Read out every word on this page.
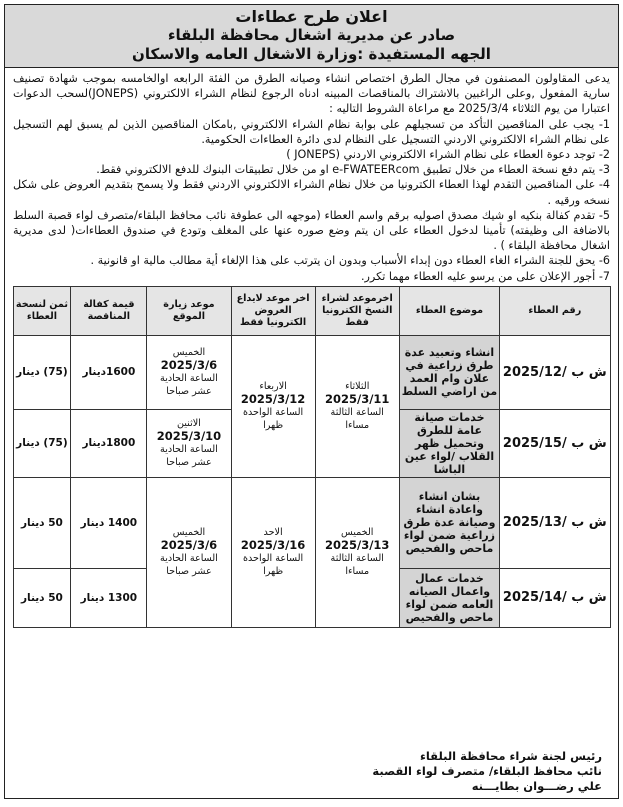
اعلان طرح عطاءات
صادر عن مديرية اشغال محافظة البلقاء
الجهه المستفيدة :وزارة الاشغال العامه والاسكان

يدعى المقاولون المصنفون في مجال الطرق اختصاص انشاء وصيانه الطرق من الفئة الرابعه اوالخامسه بموجب شهادة تصنيف سارية المفعول ,وعلى الراغبين بالاشتراك بالمناقصات المبينه ادناه الرجوع لنظام الشراء الالكتروني (JONEPS)لسحب الدعوات اعتبارا من يوم الثلاثاء 2025/3/4 مع مراعاة الشروط التاليه :

1- يجب على المناقصين التأكد من تسجيلهم على بوابة نظام الشراء الالكتروني ,بامكان المناقصين الذين لم يسبق لهم التسجيل على نظام الشراء الالكتروني الاردني التسجيل على النظام لدى دائرة العطاءات الحكومية.

2- توجد دعوة العطاء على نظام الشراء الالكتروني الاردني (JONEPS )

3- يتم دفع نسخة العطاء من خلال تطبيق e-FWATEERcom او من خلال تطبيقات البنوك للدفع الالكتروني فقط.

4- على المناقصين التقدم لهذا العطاء الكترونيا من خلال نظام الشراء الالكتروني الاردني فقط ولا يسمح بتقديم العروض على شكل نسخه ورقيه .

5- تقدم كفالة بنكيه او شيك مصدق اصوليه برقم واسم العطاء (موجهه الى عطوفة نائب محافظ البلقاء/متصرف لواء قصبة السلط بالاضافة الى وظيفته) تأمينا لدخول العطاء على ان يتم وضع صوره عنها على المغلف وتودع في صندوق العطاءات( لدى مديرية اشغال محافظة البلقاء ) .

6- يحق للجنة الشراء الغاء العطاء دون إبداء الأسباب وبدون ان يترتب على هذا الإلغاء أية مطالب مالية او قانونية .

7- أجور الإعلان على من يرسو عليه العطاء مهما تكرر.

رقم العطاء	موضوع العطاء	اخرموعد لشراء النسخ الكترونيا فقط	اخر موعد لايداع العروض الكترونيا فقط	موعد زيارة الموقع	قيمة كفالة المناقصة	ثمن لنسخة العطاء
ش ب /2025/12	انشاء وتعبيد عدة طرق زراعية في علان وام العمد من اراضي السلط	الثلاثاء
2025/3/11
الساعة الثالثة مساءا	الاربعاء
2025/3/12
الساعة الواحدة ظهرا	الخميس
2025/3/6
الساعة الحادية عشر صباحا	1600دينار	(75) دينار
ش ب /2025/15	خدمات صيانة عامة للطرق وتحميل ظهر القلاب /لواء عين الباشا			الاثنين
2025/3/10
الساعة الحادية عشر صباحا	1800دينار	(75) دينار
ش ب /2025/13	بشان انشاء واعادة انشاء وصيانة عدة طرق زراعية ضمن لواء ماحص والفحيص	الخميس
2025/3/13
الساعة الثالثة مساءا	الاحد
2025/3/16
الساعة الواحدة ظهرا	الخميس
2025/3/6
الساعة الحادية عشر صباحا	1400 دينار	50 دينار
ش ب /2025/14	خدمات عمال واعمال الصيانه العامه ضمن لواء ماحص والفحيص				1300 دينار	50 دينار
رئيس لجنة شراء محافظة البلقاء
نائب محافظ البلقاء/ متصرف لواء القصبة
علي رضـــوان بطايـــنه
